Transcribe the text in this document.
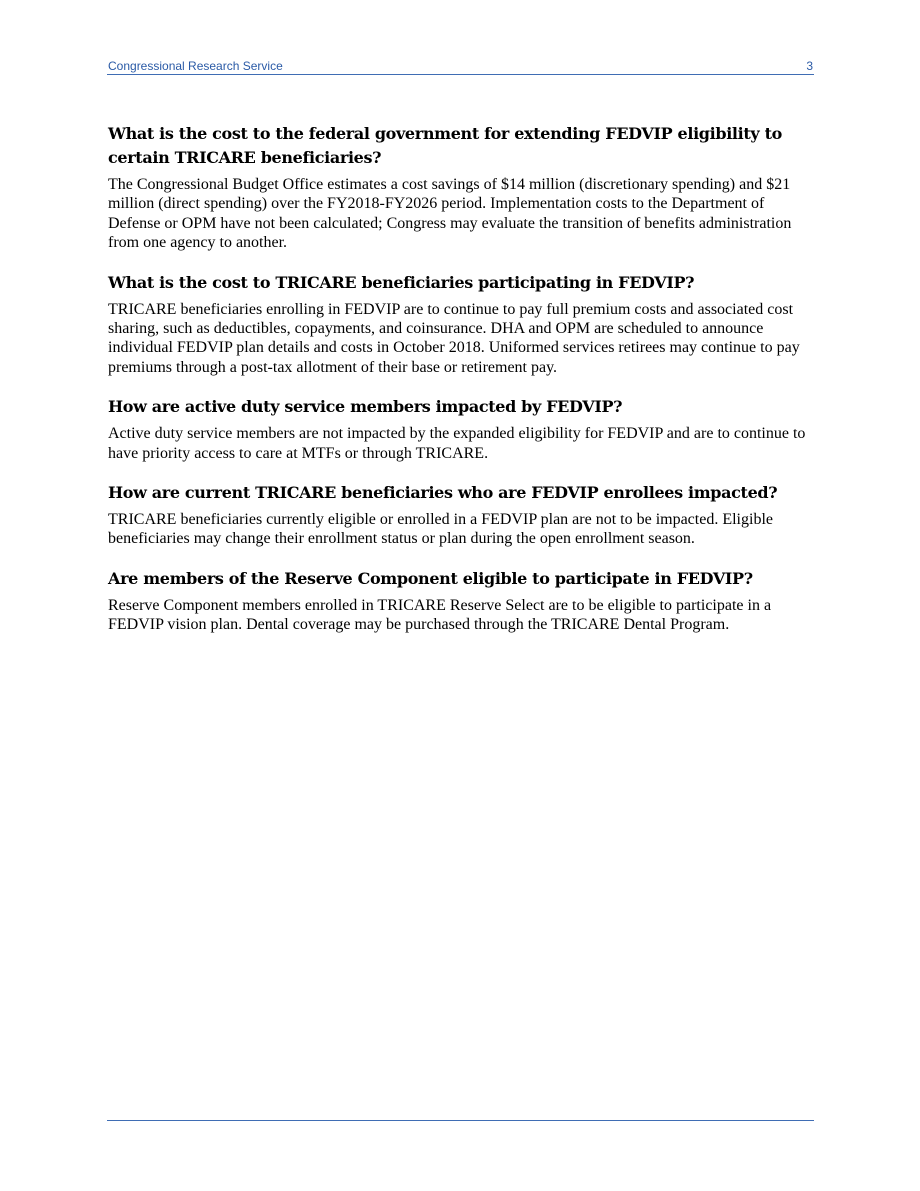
Congressional Research Service	3
What is the cost to the federal government for extending FEDVIP eligibility to certain TRICARE beneficiaries?

The Congressional Budget Office estimates a cost savings of $14 million (discretionary spending) and $21 million (direct spending) over the FY2018-FY2026 period. Implementation costs to the Department of Defense or OPM have not been calculated; Congress may evaluate the transition of benefits administration from one agency to another.

What is the cost to TRICARE beneficiaries participating in FEDVIP?

TRICARE beneficiaries enrolling in FEDVIP are to continue to pay full premium costs and associated cost sharing, such as deductibles, copayments, and coinsurance. DHA and OPM are scheduled to announce individual FEDVIP plan details and costs in October 2018. Uniformed services retirees may continue to pay premiums through a post-tax allotment of their base or retirement pay.

How are active duty service members impacted by FEDVIP?

Active duty service members are not impacted by the expanded eligibility for FEDVIP and are to continue to have priority access to care at MTFs or through TRICARE.

How are current TRICARE beneficiaries who are FEDVIP enrollees impacted?

TRICARE beneficiaries currently eligible or enrolled in a FEDVIP plan are not to be impacted. Eligible beneficiaries may change their enrollment status or plan during the open enrollment season.

Are members of the Reserve Component eligible to participate in FEDVIP?

Reserve Component members enrolled in TRICARE Reserve Select are to be eligible to participate in a FEDVIP vision plan. Dental coverage may be purchased through the TRICARE Dental Program.
